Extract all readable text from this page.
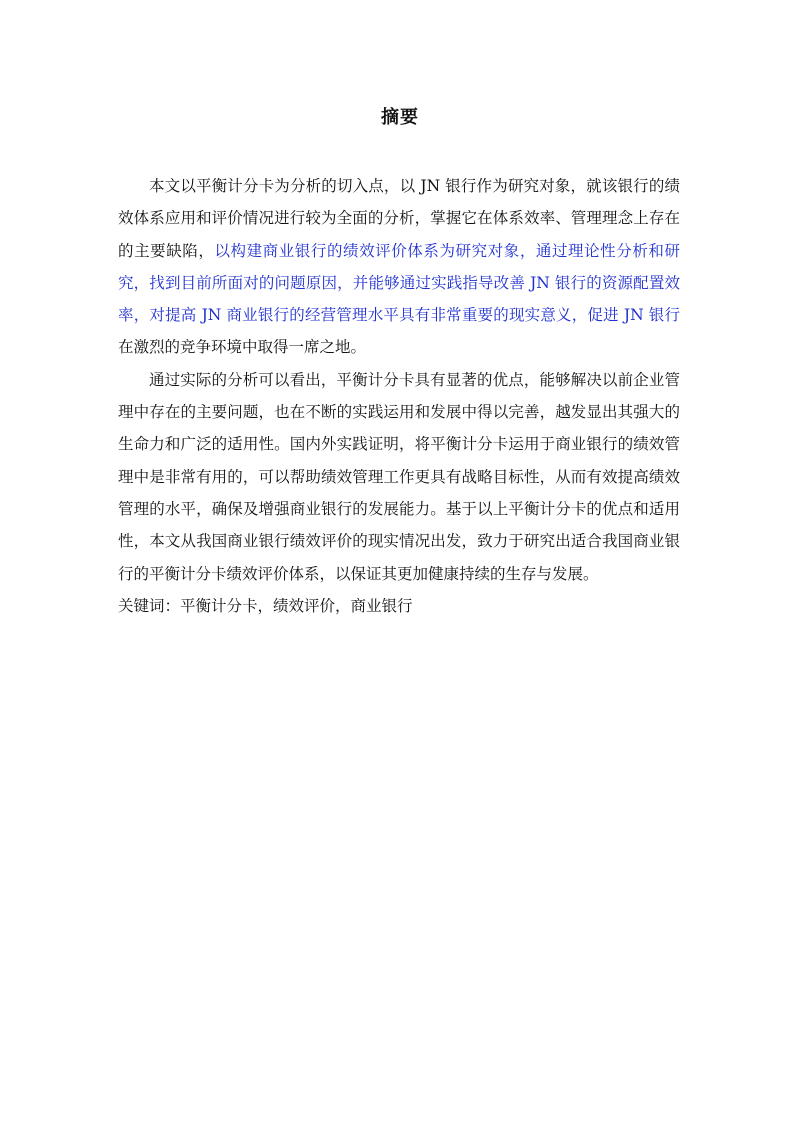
摘要

本文以平衡计分卡为分析的切入点，以 JN 银行作为研究对象，就该银行的绩效体系应用和评价情况进行较为全面的分析，掌握它在体系效率、管理理念上存在的主要缺陷，以构建商业银行的绩效评价体系为研究对象，通过理论性分析和研究，找到目前所面对的问题原因，并能够通过实践指导改善 JN 银行的资源配置效率，对提高 JN 商业银行的经营管理水平具有非常重要的现实意义，促进 JN 银行在激烈的竞争环境中取得一席之地。

通过实际的分析可以看出，平衡计分卡具有显著的优点，能够解决以前企业管理中存在的主要问题，也在不断的实践运用和发展中得以完善，越发显出其强大的生命力和广泛的适用性。国内外实践证明，将平衡计分卡运用于商业银行的绩效管理中是非常有用的，可以帮助绩效管理工作更具有战略目标性，从而有效提高绩效管理的水平，确保及增强商业银行的发展能力。基于以上平衡计分卡的优点和适用性，本文从我国商业银行绩效评价的现实情况出发，致力于研究出适合我国商业银行的平衡计分卡绩效评价体系，以保证其更加健康持续的生存与发展。

关键词：平衡计分卡，绩效评价，商业银行
